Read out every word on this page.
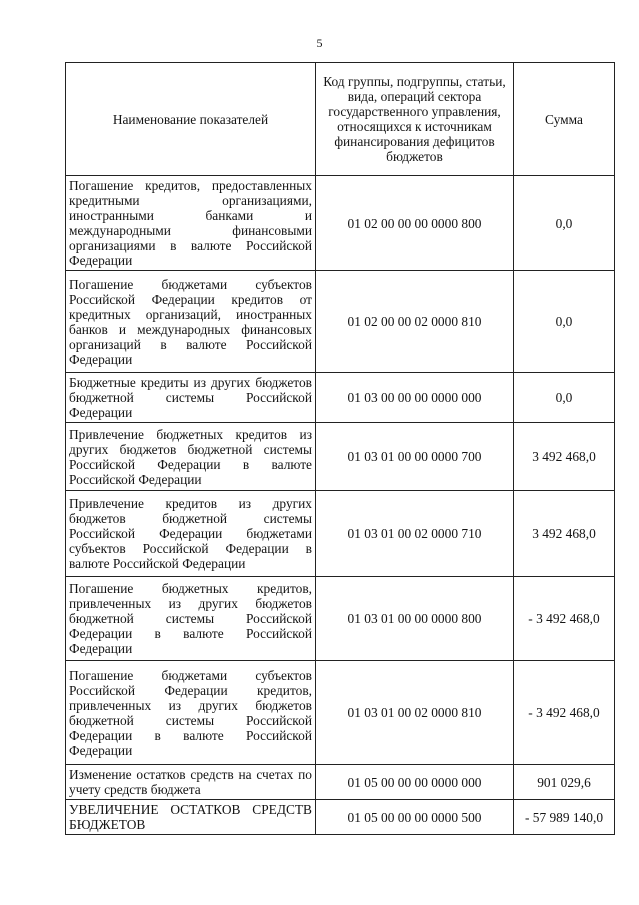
5
Наименование показателей	Код группы, подгруппы, статьи, вида, операций сектора государственного управления, относящихся к источникам финансирования дефицитов бюджетов	Сумма
Погашение кредитов, предоставленных кредитными организациями, иностранными банками и международными финансовыми организациями в валюте Российской Федерации	01 02 00 00 00 0000 800	0,0
Погашение бюджетами субъектов Российской Федерации кредитов от кредитных организаций, иностранных банков и международных финансовых организаций в валюте Российской Федерации	01 02 00 00 02 0000 810	0,0
Бюджетные кредиты из других бюджетов бюджетной системы Российской Федерации	01 03 00 00 00 0000 000	0,0
Привлечение бюджетных кредитов из других бюджетов бюджетной системы Российской Федерации в валюте Российской Федерации	01 03 01 00 00 0000 700	3 492 468,0
Привлечение кредитов из других бюджетов бюджетной системы Российской Федерации бюджетами субъектов Российской Федерации в валюте Российской Федерации	01 03 01 00 02 0000 710	3 492 468,0
Погашение бюджетных кредитов, привлеченных из других бюджетов бюджетной системы Российской Федерации в валюте Российской Федерации	01 03 01 00 00 0000 800	- 3 492 468,0
Погашение бюджетами субъектов Российской Федерации кредитов, привлеченных из других бюджетов бюджетной системы Российской Федерации в валюте Российской Федерации	01 03 01 00 02 0000 810	- 3 492 468,0
Изменение остатков средств на счетах по учету средств бюджета	01 05 00 00 00 0000 000	901 029,6
УВЕЛИЧЕНИЕ ОСТАТКОВ СРЕДСТВ БЮДЖЕТОВ	01 05 00 00 00 0000 500	- 57 989 140,0
